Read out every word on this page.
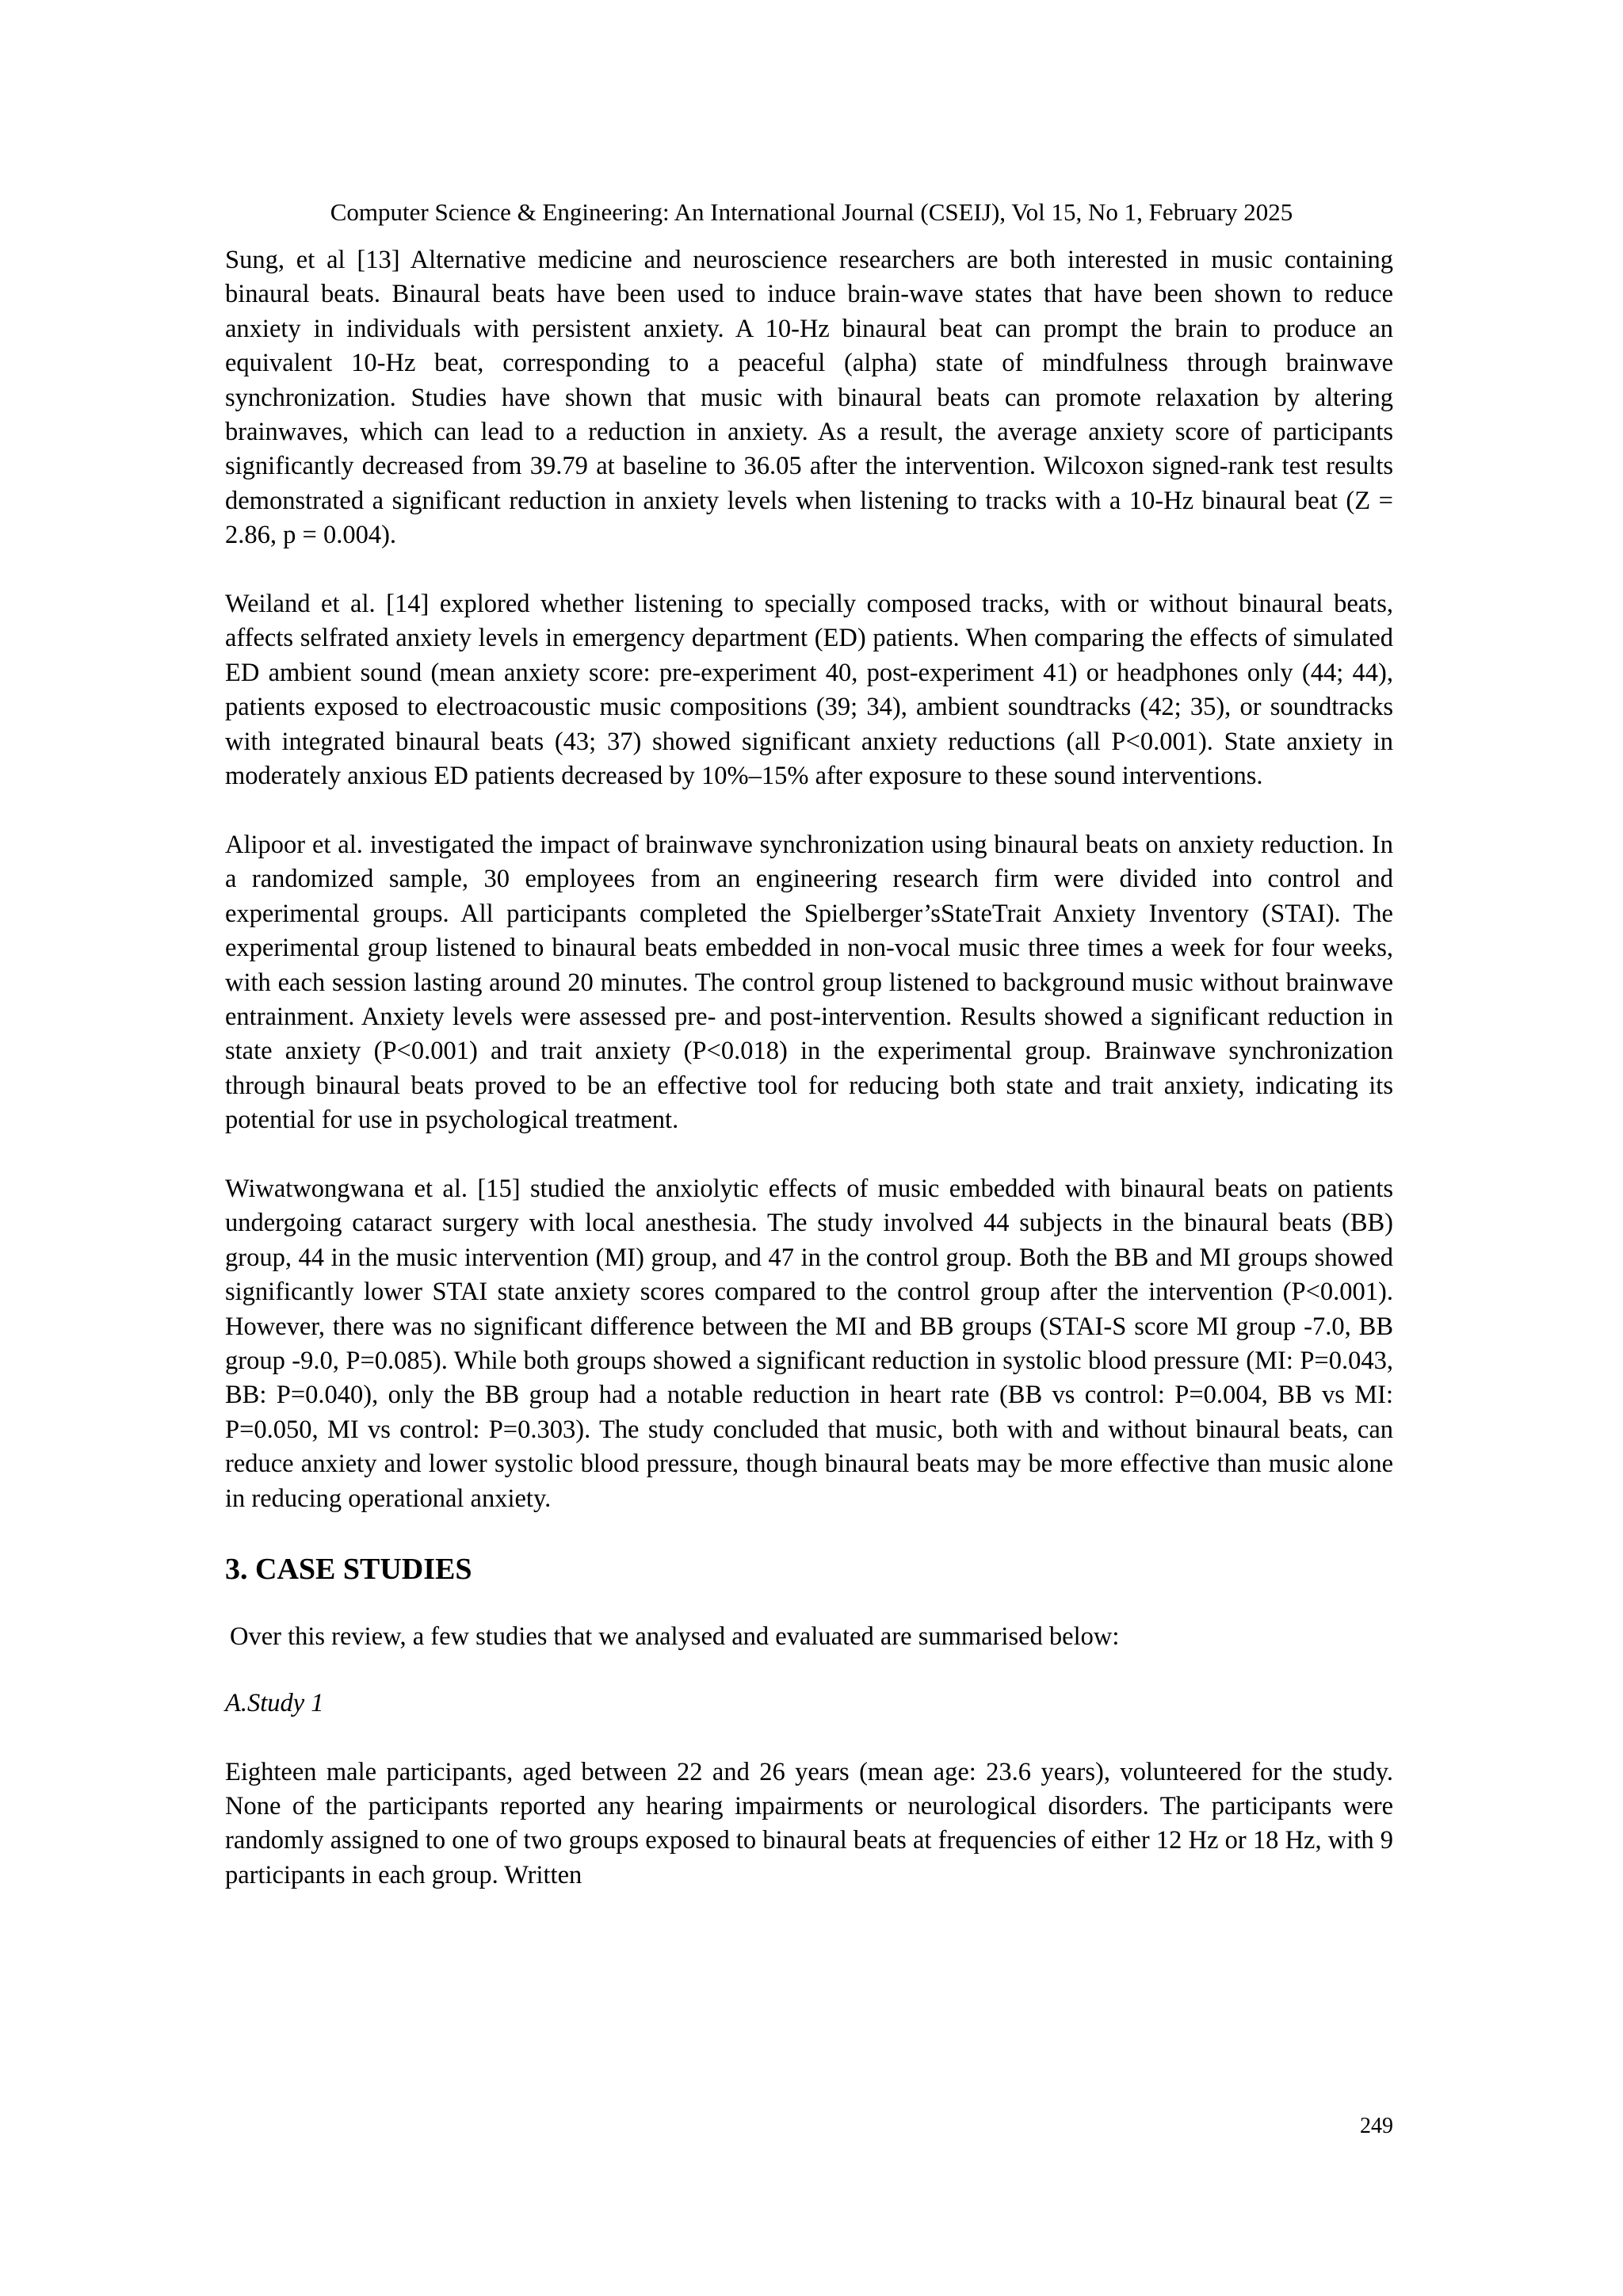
Computer Science & Engineering: An International Journal (CSEIJ), Vol 15, No 1, February 2025

Sung, et al [13] Alternative medicine and neuroscience researchers are both interested in music containing binaural beats. Binaural beats have been used to induce brain-wave states that have been shown to reduce anxiety in individuals with persistent anxiety. A 10-Hz binaural beat can prompt the brain to produce an equivalent 10-Hz beat, corresponding to a peaceful (alpha) state of mindfulness through brainwave synchronization. Studies have shown that music with binaural beats can promote relaxation by altering brainwaves, which can lead to a reduction in anxiety. As a result, the average anxiety score of participants significantly decreased from 39.79 at baseline to 36.05 after the intervention. Wilcoxon signed-rank test results demonstrated a significant reduction in anxiety levels when listening to tracks with a 10-Hz binaural beat (Z = 2.86, p = 0.004).

Weiland et al. [14] explored whether listening to specially composed tracks, with or without binaural beats, affects selfrated anxiety levels in emergency department (ED) patients. When comparing the effects of simulated ED ambient sound (mean anxiety score: pre-experiment 40, post-experiment 41) or headphones only (44; 44), patients exposed to electroacoustic music compositions (39; 34), ambient soundtracks (42; 35), or soundtracks with integrated binaural beats (43; 37) showed significant anxiety reductions (all P<0.001). State anxiety in moderately anxious ED patients decreased by 10%–15% after exposure to these sound interventions.

Alipoor et al. investigated the impact of brainwave synchronization using binaural beats on anxiety reduction. In a randomized sample, 30 employees from an engineering research firm were divided into control and experimental groups. All participants completed the Spielberger’sStateTrait Anxiety Inventory (STAI). The experimental group listened to binaural beats embedded in non-vocal music three times a week for four weeks, with each session lasting around 20 minutes. The control group listened to background music without brainwave entrainment. Anxiety levels were assessed pre- and post-intervention. Results showed a significant reduction in state anxiety (P<0.001) and trait anxiety (P<0.018) in the experimental group. Brainwave synchronization through binaural beats proved to be an effective tool for reducing both state and trait anxiety, indicating its potential for use in psychological treatment.

Wiwatwongwana et al. [15] studied the anxiolytic effects of music embedded with binaural beats on patients undergoing cataract surgery with local anesthesia. The study involved 44 subjects in the binaural beats (BB) group, 44 in the music intervention (MI) group, and 47 in the control group. Both the BB and MI groups showed significantly lower STAI state anxiety scores compared to the control group after the intervention (P<0.001). However, there was no significant difference between the MI and BB groups (STAI-S score MI group -7.0, BB group -9.0, P=0.085). While both groups showed a significant reduction in systolic blood pressure (MI: P=0.043, BB: P=0.040), only the BB group had a notable reduction in heart rate (BB vs control: P=0.004, BB vs MI: P=0.050, MI vs control: P=0.303). The study concluded that music, both with and without binaural beats, can reduce anxiety and lower systolic blood pressure, though binaural beats may be more effective than music alone in reducing operational anxiety.

3. CASE STUDIES

Over this review, a few studies that we analysed and evaluated are summarised below:

A.Study 1

Eighteen male participants, aged between 22 and 26 years (mean age: 23.6 years), volunteered for the study. None of the participants reported any hearing impairments or neurological disorders. The participants were randomly assigned to one of two groups exposed to binaural beats at frequencies of either 12 Hz or 18 Hz, with 9 participants in each group. Written

249
